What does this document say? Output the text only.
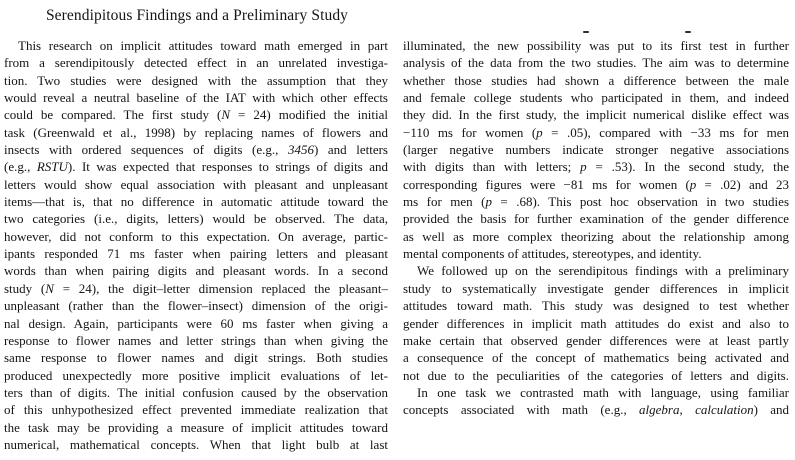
Serendipitous Findings and a Preliminary Study
This research on implicit attitudes toward math emerged in part
from a serendipitously detected effect in an unrelated investiga-
tion. Two studies were designed with the assumption that they
would reveal a neutral baseline of the IAT with which other effects
could be compared. The first study (N = 24) modified the initial
task (Greenwald et al., 1998) by replacing names of flowers and
insects with ordered sequences of digits (e.g., 3456) and letters
(e.g., RSTU). It was expected that responses to strings of digits and
letters would show equal association with pleasant and unpleasant
items—that is, that no difference in automatic attitude toward the
two categories (i.e., digits, letters) would be observed. The data,
however, did not conform to this expectation. On average, partic-
ipants responded 71 ms faster when pairing letters and pleasant
words than when pairing digits and pleasant words. In a second
study (N = 24), the digit–letter dimension replaced the pleasant–
unpleasant (rather than the flower–insect) dimension of the origi-
nal design. Again, participants were 60 ms faster when giving a
response to flower names and letter strings than when giving the
same response to flower names and digit strings. Both studies
produced unexpectedly more positive implicit evaluations of let-
ters than of digits. The initial confusion caused by the observation
of this unhypothesized effect prevented immediate realization that
the task may be providing a measure of implicit attitudes toward
numerical, mathematical concepts. When that light bulb at last
illuminated, the new possibility was put to its first test in further
analysis of the data from the two studies. The aim was to determine
whether those studies had shown a difference between the male
and female college students who participated in them, and indeed
they did. In the first study, the implicit numerical dislike effect was
−110 ms for women (p = .05), compared with −33 ms for men
(larger negative numbers indicate stronger negative associations
with digits than with letters; p = .53). In the second study, the
corresponding figures were −81 ms for women (p = .02) and 23
ms for men (p = .68). This post hoc observation in two studies
provided the basis for further examination of the gender difference
as well as more complex theorizing about the relationship among
mental components of attitudes, stereotypes, and identity.
We followed up on the serendipitous findings with a preliminary
study to systematically investigate gender differences in implicit
attitudes toward math. This study was designed to test whether
gender differences in implicit math attitudes do exist and also to
make certain that observed gender differences were at least partly
a consequence of the concept of mathematics being activated and
not due to the peculiarities of the categories of letters and digits.
In one task we contrasted math with language, using familiar
concepts associated with math (e.g., algebra, calculation) and
